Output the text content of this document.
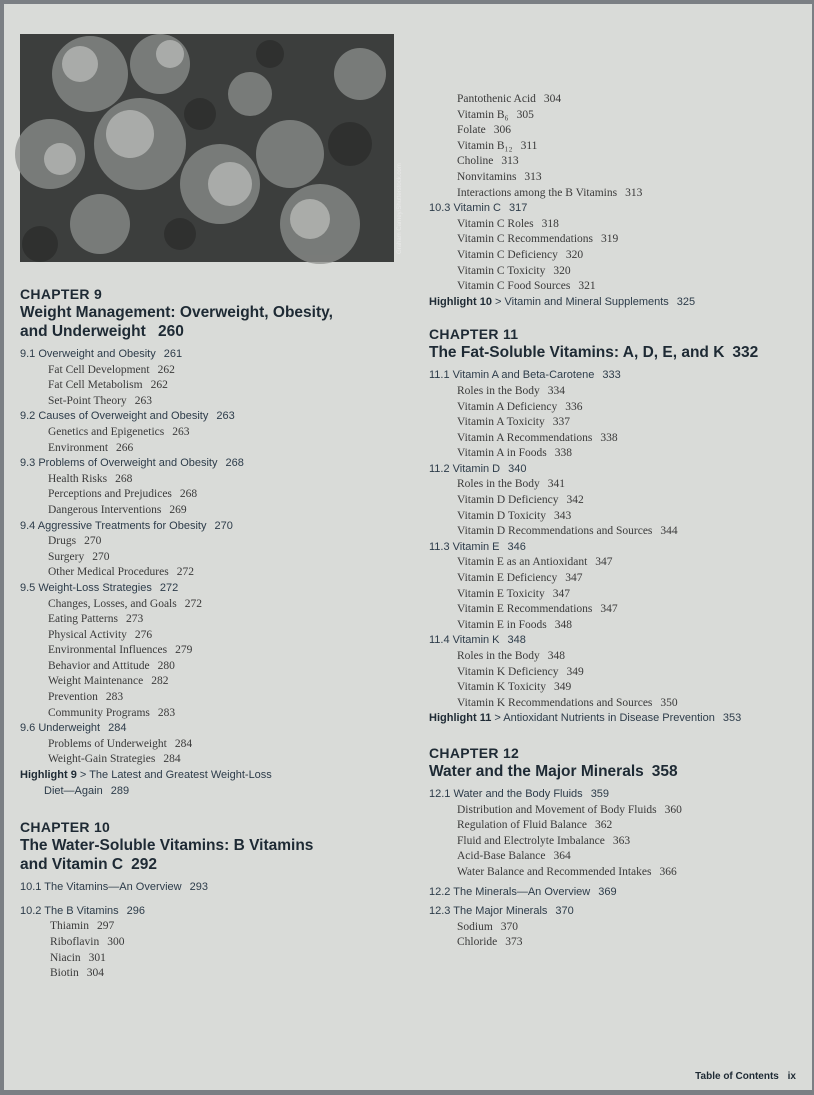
Graham Carney/Shutterstock.com
CHAPTER 9
Weight Management: Overweight, Obesity,
and Underweight 260
9.1 Overweight and Obesity 261
Fat Cell Development 262
Fat Cell Metabolism 262
Set-Point Theory 263
9.2 Causes of Overweight and Obesity 263
Genetics and Epigenetics 263
Environment 266
9.3 Problems of Overweight and Obesity 268
Health Risks 268
Perceptions and Prejudices 268
Dangerous Interventions 269
9.4 Aggressive Treatments for Obesity 270
Drugs 270
Surgery 270
Other Medical Procedures 272
9.5 Weight-Loss Strategies 272
Changes, Losses, and Goals 272
Eating Patterns 273
Physical Activity 276
Environmental Influences 279
Behavior and Attitude 280
Weight Maintenance 282
Prevention 283
Community Programs 283
9.6 Underweight 284
Problems of Underweight 284
Weight-Gain Strategies 284
Highlight 9 > The Latest and Greatest Weight-Loss
Diet—Again 289
CHAPTER 10
The Water-Soluble Vitamins: B Vitamins
and Vitamin C 292
10.1 The Vitamins—An Overview 293
10.2 The B Vitamins 296
Thiamin 297
Riboflavin 300
Niacin 301
Biotin 304
Pantothenic Acid 304
Vitamin B₆ 305
Folate 306
Vitamin B₁₂ 311
Choline 313
Nonvitamins 313
Interactions among the B Vitamins 313
10.3 Vitamin C 317
Vitamin C Roles 318
Vitamin C Recommendations 319
Vitamin C Deficiency 320
Vitamin C Toxicity 320
Vitamin C Food Sources 321
Highlight 10 > Vitamin and Mineral Supplements 325
CHAPTER 11
The Fat-Soluble Vitamins: A, D, E, and K 332
11.1 Vitamin A and Beta-Carotene 333
Roles in the Body 334
Vitamin A Deficiency 336
Vitamin A Toxicity 337
Vitamin A Recommendations 338
Vitamin A in Foods 338
11.2 Vitamin D 340
Roles in the Body 341
Vitamin D Deficiency 342
Vitamin D Toxicity 343
Vitamin D Recommendations and Sources 344
11.3 Vitamin E 346
Vitamin E as an Antioxidant 347
Vitamin E Deficiency 347
Vitamin E Toxicity 347
Vitamin E Recommendations 347
Vitamin E in Foods 348
11.4 Vitamin K 348
Roles in the Body 348
Vitamin K Deficiency 349
Vitamin K Toxicity 349
Vitamin K Recommendations and Sources 350
Highlight 11 > Antioxidant Nutrients in Disease Prevention 353
CHAPTER 12
Water and the Major Minerals 358
12.1 Water and the Body Fluids 359
Distribution and Movement of Body Fluids 360
Regulation of Fluid Balance 362
Fluid and Electrolyte Imbalance 363
Acid-Base Balance 364
Water Balance and Recommended Intakes 366
12.2 The Minerals—An Overview 369
12.3 The Major Minerals 370
Sodium 370
Chloride 373
Table of Contents ix
